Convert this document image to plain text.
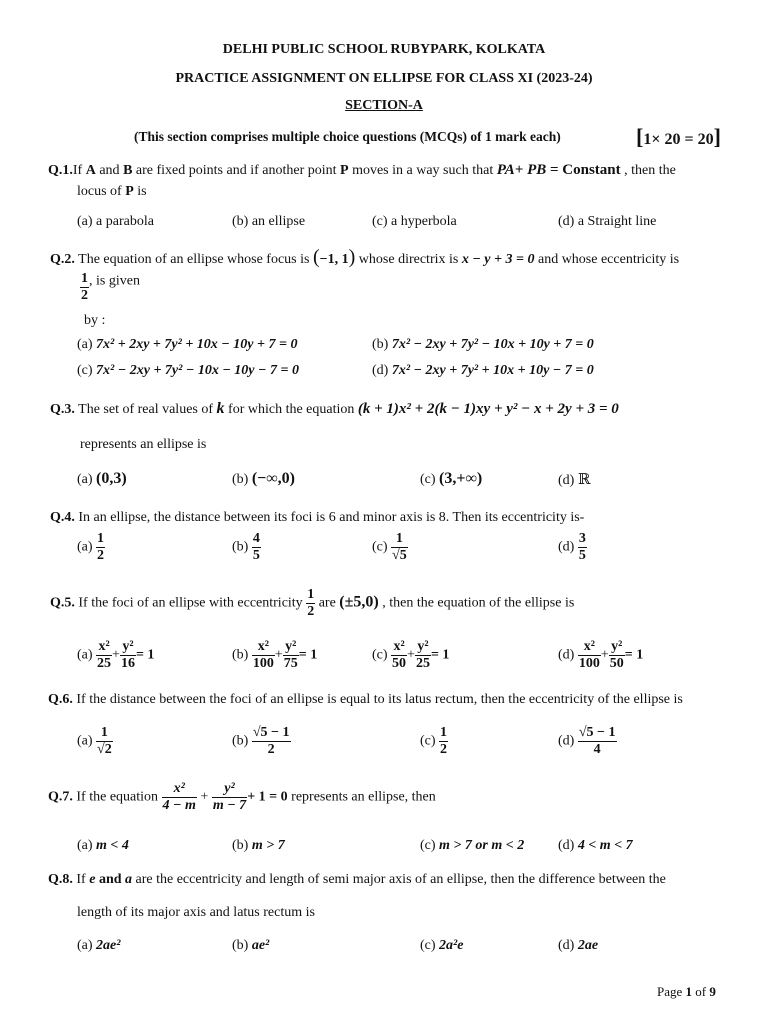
DELHI PUBLIC SCHOOL RUBYPARK, KOLKATA
PRACTICE ASSIGNMENT ON ELLIPSE FOR CLASS XI (2023-24)
SECTION-A
(This section comprises multiple choice questions (MCQs) of 1 mark each)	[1× 20 = 20]
Q.1.If A and B are fixed points and if another point P moves in a way such that PA+ PB = Constant , then the
locus of P is
(a) a parabola	(b) an ellipse	(c) a hyperbola	(d) a Straight line
Q.2. The equation of an ellipse whose focus is (−1, 1) whose directrix is x − y + 3 = 0 and whose eccentricity is
$\frac{1}{2}$ , is given
by :
(a) 7x² + 2xy + 7y² + 10x − 10y + 7 = 0	(b) 7x² − 2xy + 7y² − 10x + 10y + 7 = 0
(c) 7x² − 2xy + 7y² − 10x − 10y − 7 = 0	(d) 7x² − 2xy + 7y² + 10x + 10y − 7 = 0
Q.3. The set of real values of k for which the equation (k + 1)x² + 2(k − 1)xy + y² − x + 2y + 3 = 0
represents an ellipse is
(a) (0,3)	(b) (−∞,0)	(c) (3,+∞)	(d) ℝ
Q.4. In an ellipse, the distance between its foci is 6 and minor axis is 8. Then its eccentricity is-
$(a) \frac{1}{2}$	$(b) \frac{4}{5}$	$(c) \frac{1}{√5}$	$(d) \frac{3}{5}$
Q.5. If the foci of an ellipse with eccentricity $\frac{1}{2}$ are (±5,0) , then the equation of the ellipse is
$(a) \frac{\text{x²}}{25} + \frac{\text{y²}}{16} = 1$	$(b) \frac{\text{x²}}{100} + \frac{\text{y²}}{75} = 1$	$(c) \frac{\text{x²}}{50} + \frac{\text{y²}}{25} = 1$	$(d) \frac{\text{x²}}{100} + \frac{\text{y²}}{50} = 1$
Q.6. If the distance between the foci of an ellipse is equal to its latus rectum, then the eccentricity of the ellipse is
$(a) \frac{1}{√2}$	$(b) \frac{√5 - 1}{2}$	$(c) \frac{1}{2}$	$(d) \frac{√5 - 1}{4}$
Q.7. If the equation $\frac{\text{x²}}{4 - m} + \frac{\text{y²}}{m - 7} + 1 = 0$ represents an ellipse, then
(a) m < 4	(b) m > 7	(c) m > 7 or m < 2 (d) 4 < m < 7
Q.8. If e and a are the eccentricity and length of semi major axis of an ellipse, then the difference between the
length of its major axis and latus rectum is
(a) 2ae²	(b) ae²	(c) 2a²e	(d) 2ae
Page 1 of 9
